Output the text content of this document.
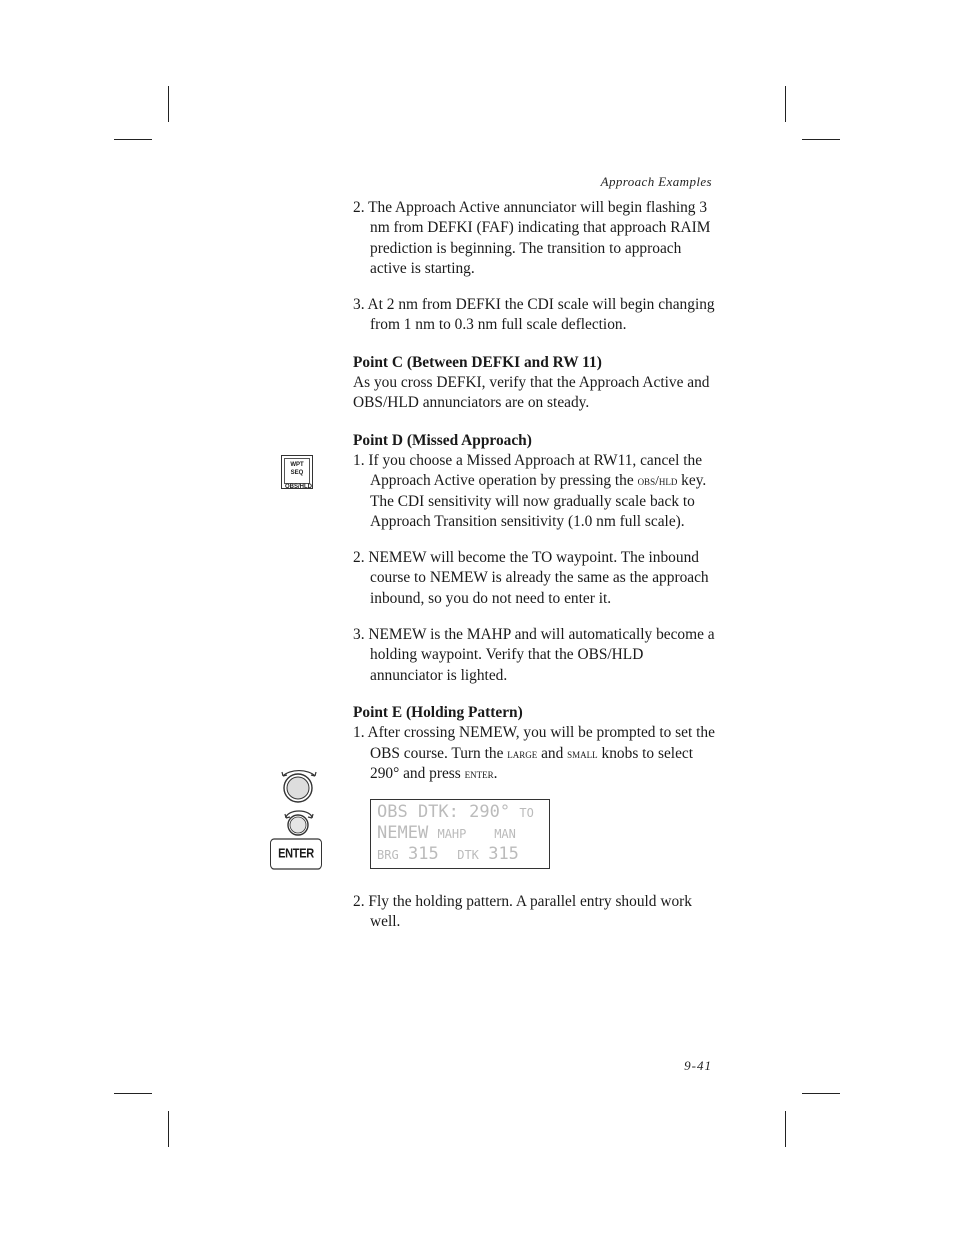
Approach Examples
WPT SEQ
OBS/HLD
ENTER

2. The Approach Active annunciator will begin flashing 3 nm from DEFKI (FAF) indicating that approach RAIM prediction is beginning. The transition to approach active is starting.

3. At 2 nm from DEFKI the CDI scale will begin changing from 1 nm to 0.3 nm full scale deflection.

Point C (Between DEFKI and RW 11)

As you cross DEFKI, verify that the Approach Active and OBS/HLD annunciators are on steady.

Point D (Missed Approach)

1. If you choose a Missed Approach at RW11, cancel the Approach Active operation by pressing the obs/hld key. The CDI sensitivity will now gradually scale back to Approach Transition sensitivity (1.0 nm full scale).

2. NEMEW will become the TO waypoint. The inbound course to NEMEW is already the same as the approach inbound, so you do not need to enter it.

3. NEMEW is the MAHP and will automatically become a holding waypoint. Verify that the OBS/HLD annunciator is lighted.

Point E (Holding Pattern)

1. After crossing NEMEW, you will be prompted to set the OBS course. Turn the large and small knobs to select 290° and press enter.

OBS DTK: 290° TO
NEMEW MAHP MAN
BRG 315 DTK 315

2. Fly the holding pattern. A parallel entry should work well.

9-41
